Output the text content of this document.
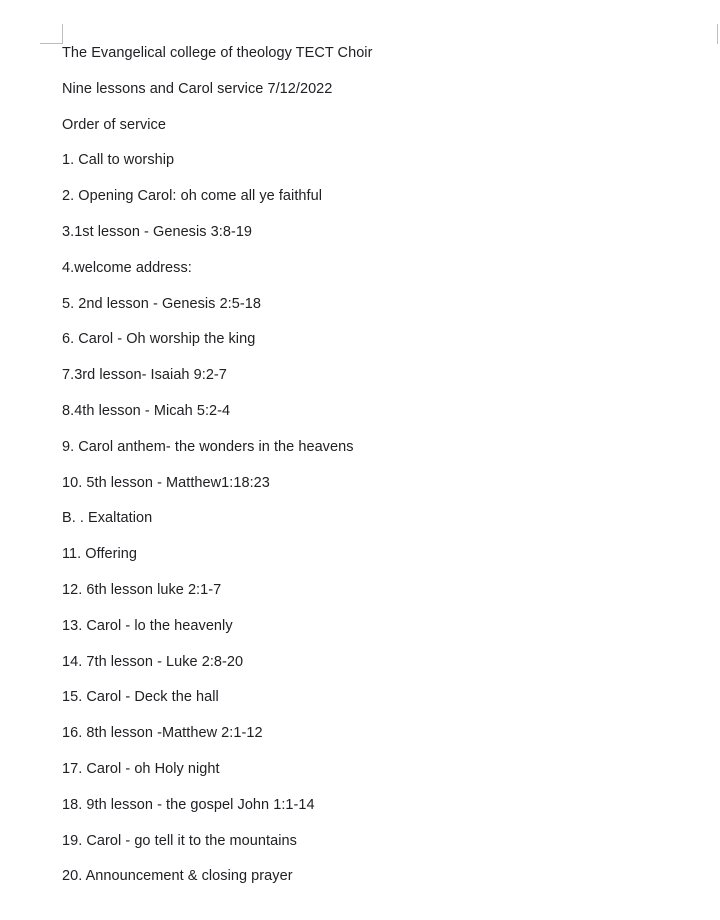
The Evangelical college of theology TECT Choir
Nine lessons and Carol service 7/12/2022
Order of service
1. Call to worship
2. Opening Carol: oh come all ye faithful
3.1st lesson - Genesis 3:8-19
4.welcome address:
5. 2nd lesson - Genesis 2:5-18
6. Carol - Oh worship the king
7.3rd lesson- Isaiah 9:2-7
8.4th lesson - Micah 5:2-4
9. Carol anthem- the wonders in the heavens
10. 5th lesson - Matthew1:18:23
B. . Exaltation
11. Offering
12. 6th lesson luke 2:1-7
13. Carol - lo the heavenly
14. 7th lesson - Luke 2:8-20
15. Carol - Deck the hall
16. 8th lesson -Matthew 2:1-12
17. Carol - oh Holy night
18. 9th lesson - the gospel John 1:1-14
19. Carol - go tell it to the mountains
20. Announcement & closing prayer
